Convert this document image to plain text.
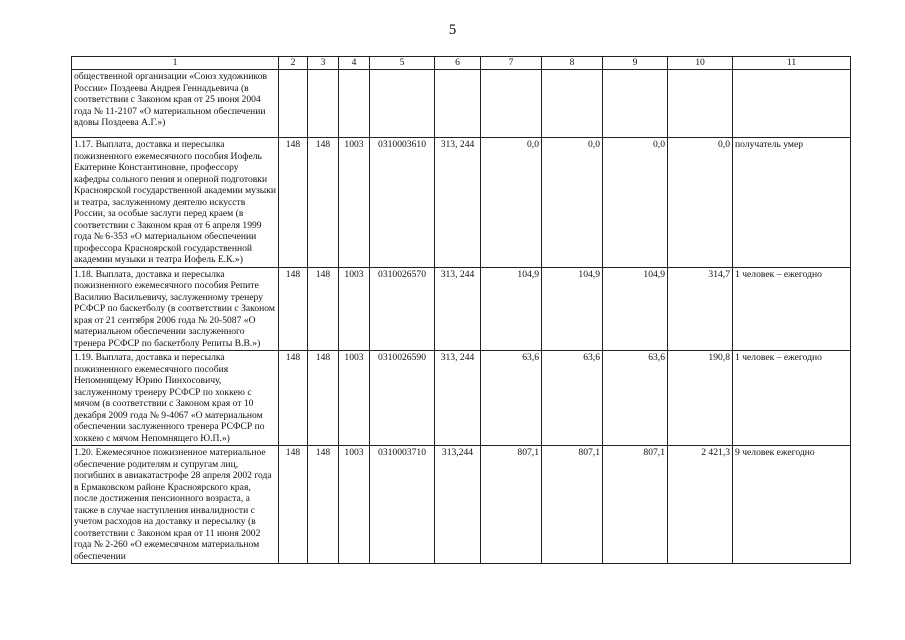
5
1	2	3	4	5	6	7	8	9	10	11
общественной организации «Союз художников России» Поздеева Андрея Геннадьевича (в соответствии с Законом края от 25 июня 2004 года № 11-2107 «О материальном обеспечении вдовы Поздеева А.Г.»)										
1.17. Выплата, доставка и пересылка пожизненного ежемесячного пособия Иофель Екатерине Константиновне, профессору кафедры сольного пения и оперной подготовки Красноярской государственной академии музыки и театра, заслуженному деятелю искусств России, за особые заслуги перед краем (в соответствии с Законом края от 6 апреля 1999 года № 6-353 «О материальном обеспечении профессора Красноярской государственной академии музыки и театра Иофель Е.К.»)	148	148	1003	0310003610	313, 244	0,0	0,0	0,0	0,0	получатель умер
1.18. Выплата, доставка и пересылка пожизненного ежемесячного пособия Репите Василию Васильевичу, заслуженному тренеру РСФСР по баскетболу (в соответствии с Законом края от 21 сентября 2006 года № 20-5087 «О материальном обеспечении заслуженного тренера РСФСР по баскетболу Репиты В.В.»)	148	148	1003	0310026570	313, 244	104,9	104,9	104,9	314,7	1 человек – ежегодно
1.19. Выплата, доставка и пересылка пожизненного ежемесячного пособия Непомнящему Юрию Пинхосовичу, заслуженному тренеру РСФСР по хоккею с мячом (в соответствии с Законом края от 10 декабря 2009 года № 9-4067 «О материальном обеспечении заслуженного тренера РСФСР по хоккею с мячом Непомнящего Ю.П.»)	148	148	1003	0310026590	313, 244	63,6	63,6	63,6	190,8	1 человек – ежегодно
1.20. Ежемесячное пожизненное материальное обеспечение родителям и супругам лиц, погибших в авиакатастрофе 28 апреля 2002 года в Ермаковском районе Красноярского края, после достижения пенсионного возраста, а также в случае наступления инвалидности с учетом расходов на доставку и пересылку (в соответствии с Законом края от 11 июня 2002 года № 2-260 «О ежемесячном материальном обеспечении	148	148	1003	0310003710	313,244	807,1	807,1	807,1	2 421,3	9 человек ежегодно
